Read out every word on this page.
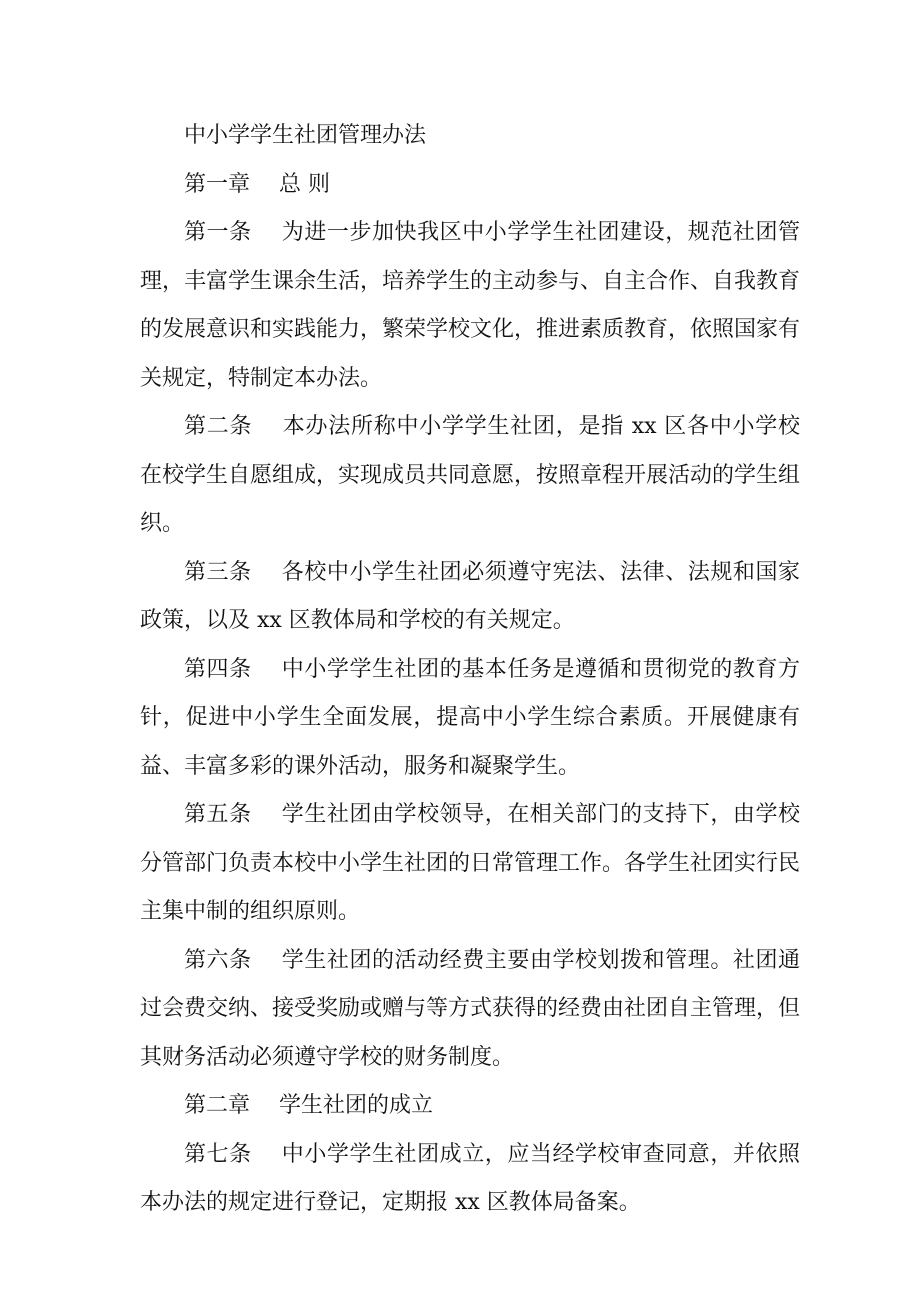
中小学学生社团管理办法

第一章　 总 则

第一条　 为进一步加快我区中小学学生社团建设，规范社团管理，丰富学生课余生活，培养学生的主动参与、自主合作、自我教育的发展意识和实践能力，繁荣学校文化，推进素质教育，依照国家有关规定，特制定本办法。

第二条　 本办法所称中小学学生社团，是指 xx 区各中小学校在校学生自愿组成，实现成员共同意愿，按照章程开展活动的学生组织。

第三条　 各校中小学生社团必须遵守宪法、法律、法规和国家政策，以及 xx 区教体局和学校的有关规定。

第四条　 中小学学生社团的基本任务是遵循和贯彻党的教育方针，促进中小学生全面发展，提高中小学生综合素质。开展健康有益、丰富多彩的课外活动，服务和凝聚学生。

第五条　 学生社团由学校领导，在相关部门的支持下，由学校分管部门负责本校中小学生社团的日常管理工作。各学生社团实行民主集中制的组织原则。

第六条　 学生社团的活动经费主要由学校划拨和管理。社团通过会费交纳、接受奖励或赠与等方式获得的经费由社团自主管理，但其财务活动必须遵守学校的财务制度。

第二章　 学生社团的成立

第七条　 中小学学生社团成立，应当经学校审查同意，并依照本办法的规定进行登记，定期报 xx 区教体局备案。
